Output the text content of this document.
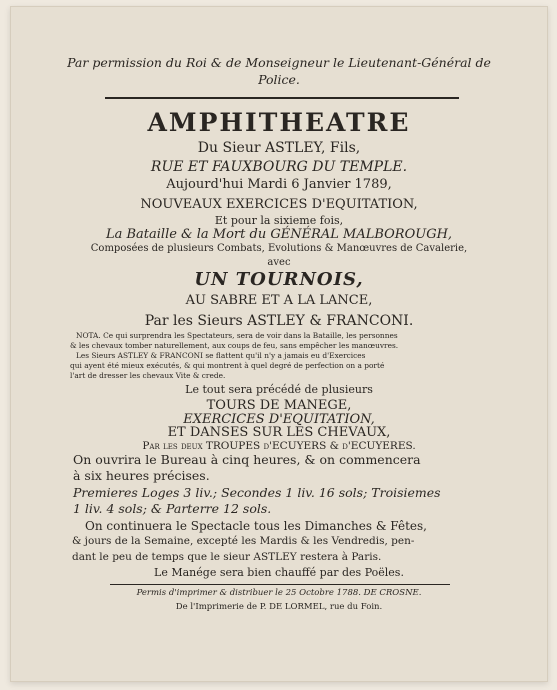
Par permission du Roi & de Monseigneur le Lieutenant-Général de
Police.
AMPHITHEATRE
Du Sieur ASTLEY, Fils,
RUE ET FAUXBOURG DU TEMPLE.
Aujourd'hui Mardi 6 Janvier 1789,
NOUVEAUX EXERCICES D'EQUITATION,
Et pour la sixieme fois,
La Bataille & la Mort du GÉNÉRAL MALBOROUGH,
Composées de plusieurs Combats, Evolutions & Manœuvres de Cavalerie,
avec
UN TOURNOIS,
AU SABRE ET A LA LANCE,
Par les Sieurs ASTLEY & FRANCONI.
NOTA. Ce qui surprendra les Spectateurs, sera de voir dans la Bataille, les personnes
& les chevaux tomber naturellement, aux coups de feu, sans empêcher les manœuvres.
Les Sieurs ASTLEY & FRANCONI se flattent qu'il n'y a jamais eu d'Exercices
qui ayent été mieux exécutés, & qui montrent à quel degré de perfection on a porté
l'art de dresser les chevaux Vite & crede.
Le tout sera précédé de plusieurs
TOURS DE MANEGE,
EXERCICES D'EQUITATION,
ET DANSES SUR LES CHEVAUX,
Par les deux TROUPES d'ECUYERS & d'ECUYERES.
On ouvrira le Bureau à cinq heures, & on commencera
à six heures précises.
Premieres Loges 3 liv.; Secondes 1 liv. 16 sols; Troisiemes
1 liv. 4 sols; & Parterre 12 sols.
On continuera le Spectacle tous les Dimanches & Fêtes,
& jours de la Semaine, excepté les Mardis & les Vendredis, pen-
dant le peu de temps que le sieur ASTLEY restera à Paris.
Le Manége sera bien chauffé par des Poëles.
Permis d'imprimer & distribuer le 25 Octobre 1788. DE CROSNE.
De l'Imprimerie de P. DE LORMEL, rue du Foin.
